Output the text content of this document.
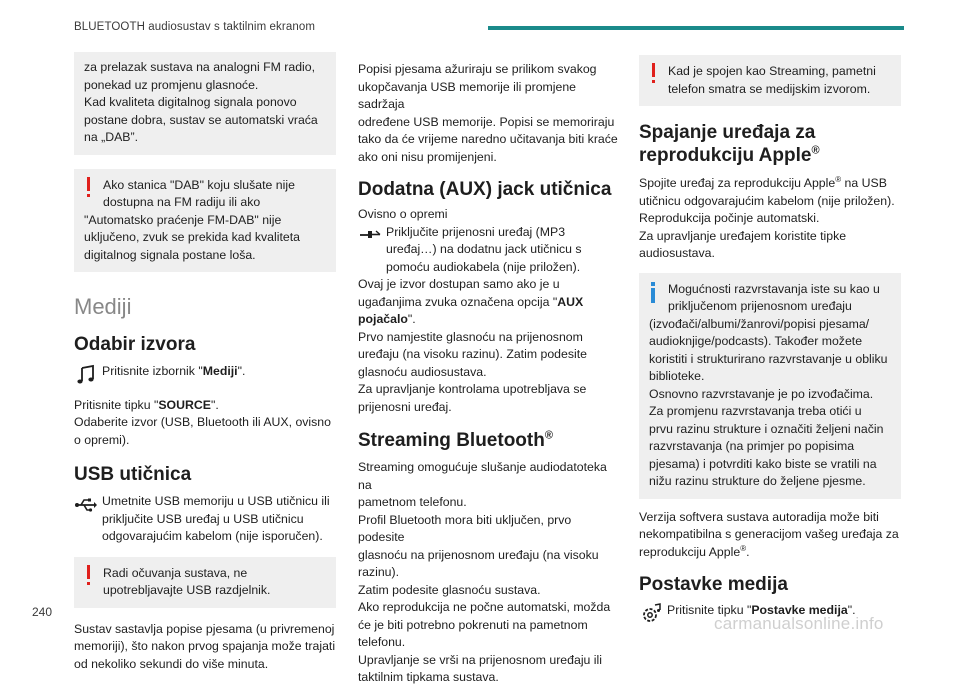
BLUETOOTH audiosustav s taktilnim ekranom

za prelazak sustava na analogni FM radio,

ponekad uz promjenu glasnoće.

Kad kvaliteta digitalnog signala ponovo

postane dobra, sustav se automatski vraća

na „DAB”.

Ako stanica "DAB" koju slušate nije

dostupna na FM radiju ili ako

"Automatsko praćenje FM-DAB" nije

uključeno, zvuk se prekida kad kvaliteta

digitalnog signala postane loša.

Mediji
Odabir izvora

Pritisnite izbornik "Mediji".

Pritisnite tipku "SOURCE".

Odaberite izvor (USB, Bluetooth ili AUX, ovisno

o opremi).

USB utičnica

Umetnite USB memoriju u USB utičnicu ili

priključite USB uređaj u USB utičnicu

odgovarajućim kabelom (nije isporučen).

Radi očuvanja sustava, ne

upotrebljavajte USB razdjelnik.

Sustav sastavlja popise pjesama (u privremenoj

memoriji), što nakon prvog spajanja može trajati

od nekoliko sekundi do više minuta.

Popisi pjesama ažuriraju se prilikom svakog

ukopčavanja USB memorije ili promjene sadržaja

određene USB memorije. Popisi se memoriraju

tako da će vrijeme naredno učitavanja biti kraće

ako oni nisu promijenjeni.

Dodatna (AUX) jack utičnica

Ovisno o opremi

Priključite prijenosni uređaj (MP3

uređaj…) na dodatnu jack utičnicu s

pomoću audiokabela (nije priložen).

Ovaj je izvor dostupan samo ako je u

ugađanjima zvuka označena opcija "AUX

pojačalo".

Prvo namjestite glasnoću na prijenosnom

uređaju (na visoku razinu). Zatim podesite

glasnoću audiosustava.

Za upravljanje kontrolama upotrebljava se

prijenosni uređaj.

Streaming Bluetooth®

Streaming omogućuje slušanje audiodatoteka na

pametnom telefonu.

Profil Bluetooth mora biti uključen, prvo podesite

glasnoću na prijenosnom uređaju (na visoku

razinu).

Zatim podesite glasnoću sustava.

Ako reprodukcija ne počne automatski, možda

će je biti potrebno pokrenuti na pametnom

telefonu.

Upravljanje se vrši na prijenosnom uređaju ili

taktilnim tipkama sustava.

Kad je spojen kao Streaming, pametni

telefon smatra se medijskim izvorom.

Spajanje uređaja za
reprodukciju Apple®

Spojite uređaj za reprodukciju Apple® na USB

utičnicu odgovarajućim kabelom (nije priložen).

Reprodukcija počinje automatski.

Za upravljanje uređajem koristite tipke

audiosustava.

Mogućnosti razvrstavanja iste su kao u

priključenom prijenosnom uređaju

(izvođači/albumi/žanrovi/popisi pjesama/

audioknjige/podcasts). Također možete

koristiti i strukturirano razvrstavanje u obliku

biblioteke.

Osnovno razvrstavanje je po izvođačima.

Za promjenu razvrstavanja treba otići u

prvu razinu strukture i označiti željeni način

razvrstavanja (na primjer po popisima

pjesama) i potvrditi kako biste se vratili na

nižu razinu strukture do željene pjesme.

Verzija softvera sustava autoradija može biti

nekompatibilna s generacijom vašeg uređaja za

reprodukciju Apple®.

Postavke medija

Pritisnite tipku "Postavke medija".

240
carmanualsonline.info
